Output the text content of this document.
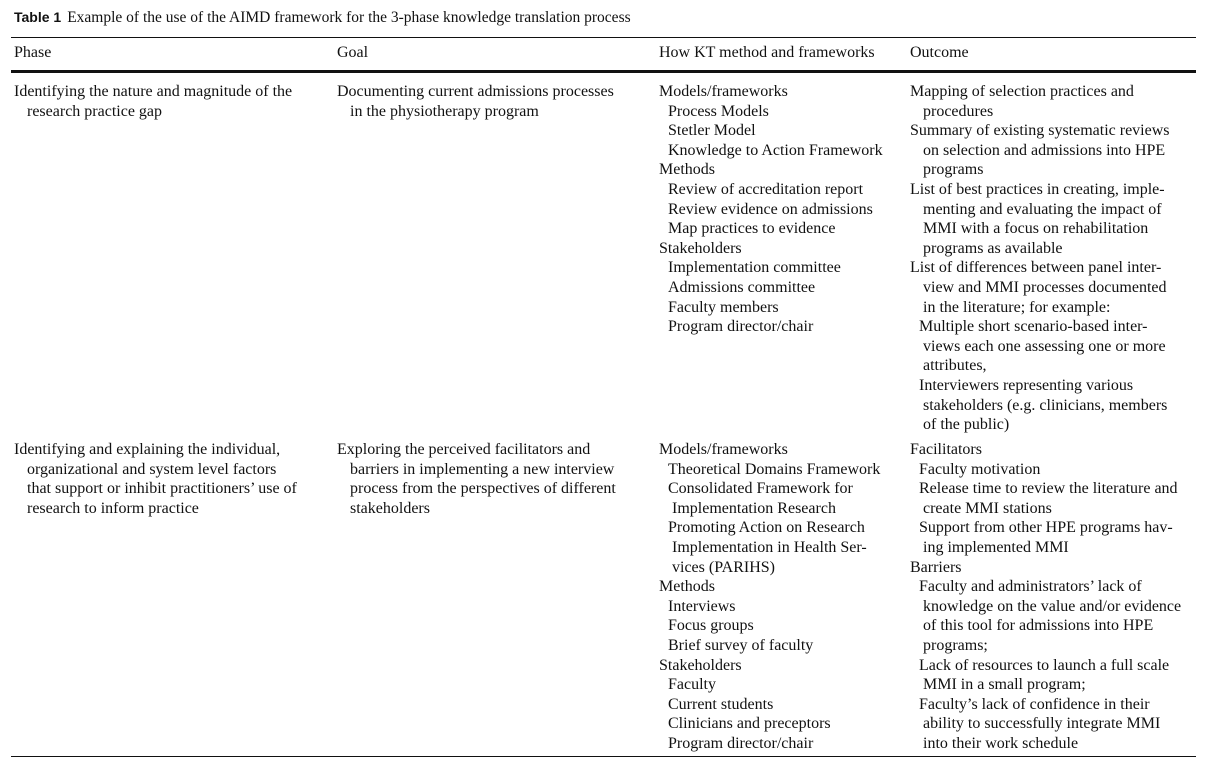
Table 1 Example of the use of the AIMD framework for the 3-phase knowledge translation process
Phase	Goal	How KT method and frameworks Outcome
Identifying the nature and magnitude of the
research practice gap
Documenting current admissions processes
in the physiotherapy program
Models/frameworks
Process Models
Stetler Model
Knowledge to Action Framework
Methods
Review of accreditation report
Review evidence on admissions
Map practices to evidence
Stakeholders
Implementation committee
Admissions committee
Faculty members
Program director/chair
Mapping of selection practices and
procedures
Summary of existing systematic reviews
on selection and admissions into HPE
programs
List of best practices in creating, imple-
menting and evaluating the impact of
MMI with a focus on rehabilitation
programs as available
List of differences between panel inter-
view and MMI processes documented
in the literature; for example:
Multiple short scenario-based inter-
views each one assessing one or more
attributes,
Interviewers representing various
stakeholders (e.g. clinicians, members
of the public)
Identifying and explaining the individual,
organizational and system level factors
that support or inhibit practitioners’ use of
research to inform practice
Exploring the perceived facilitators and
barriers in implementing a new interview
process from the perspectives of different
stakeholders
Models/frameworks
Theoretical Domains Framework
Consolidated Framework for
Implementation Research
Promoting Action on Research
Implementation in Health Ser-
vices (PARIHS)
Methods
Interviews
Focus groups
Brief survey of faculty
Stakeholders
Faculty
Current students
Clinicians and preceptors
Program director/chair
Facilitators
Faculty motivation
Release time to review the literature and
create MMI stations
Support from other HPE programs hav-
ing implemented MMI
Barriers
Faculty and administrators’ lack of
knowledge on the value and/or evidence
of this tool for admissions into HPE
programs;
Lack of resources to launch a full scale
MMI in a small program;
Faculty’s lack of confidence in their
ability to successfully integrate MMI
into their work schedule
